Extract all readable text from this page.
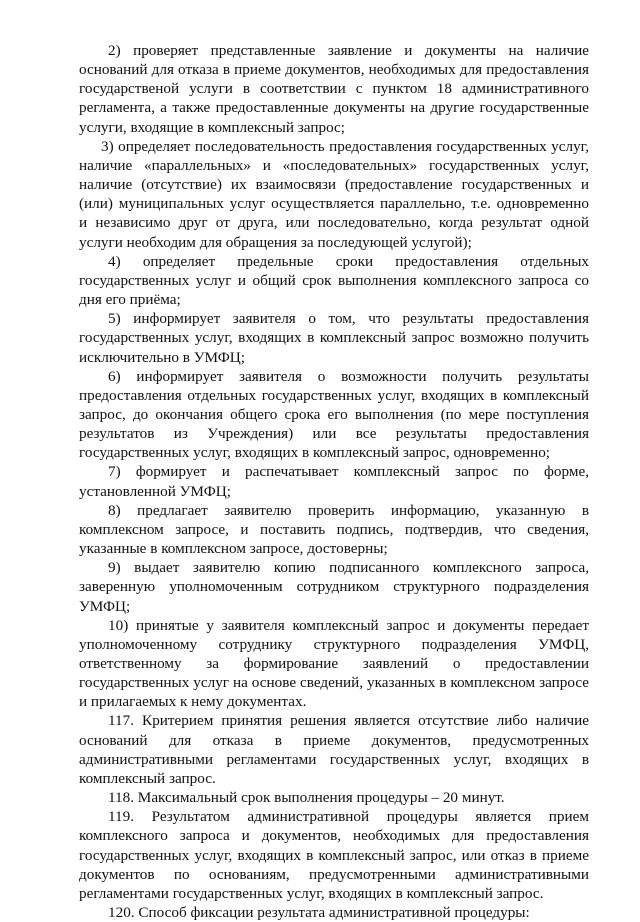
2) проверяет представленные заявление и документы на наличие оснований для отказа в приеме документов, необходимых для предоставления государственой услуги в соответствии с пунктом 18 административного регламента, а также предоставленные документы на другие государственные услуги, входящие в комплексный запрос;

3) определяет последовательность предоставления государственных услуг, наличие «параллельных» и «последовательных» государственных услуг, наличие (отсутствие) их взаимосвязи (предоставление государственных и (или) муниципальных услуг осуществляется параллельно, т.е. одновременно и независимо друг от друга, или последовательно, когда результат одной услуги необходим для обращения за последующей услугой);

4) определяет предельные сроки предоставления отдельных государственных услуг и общий срок выполнения комплексного запроса со дня его приёма;

5) информирует заявителя о том, что результаты предоставления государственных услуг, входящих в комплексный запрос возможно получить исключительно в УМФЦ;

6) информирует заявителя о возможности получить результаты предоставления отдельных государственных услуг, входящих в комплексный запрос, до окончания общего срока его выполнения (по мере поступления результатов из Учреждения) или все результаты предоставления государственных услуг, входящих в комплексный запрос, одновременно;

7) формирует и распечатывает комплексный запрос по форме, установленной УМФЦ;

8) предлагает заявителю проверить информацию, указанную в комплексном запросе, и поставить подпись, подтвердив, что сведения, указанные в комплексном запросе, достоверны;

9) выдает заявителю копию подписанного комплексного запроса, заверенную уполномоченным сотрудником структурного подразделения УМФЦ;

10) принятые у заявителя комплексный запрос и документы передает уполномоченному сотруднику структурного подразделения УМФЦ, ответственному за формирование заявлений о предоставлении государственных услуг на основе сведений, указанных в комплексном запросе и прилагаемых к нему документах.

117. Критерием принятия решения является отсутствие либо наличие оснований для отказа в приеме документов, предусмотренных административными регламентами государственных услуг, входящих в комплексный запрос.

118. Максимальный срок выполнения процедуры – 20 минут.

119. Результатом административной процедуры является прием комплексного запроса и документов, необходимых для предоставления государственных услуг, входящих в комплексный запрос, или отказ в приеме документов по основаниям, предусмотренными административными регламентами государственных услуг, входящих в комплексный запрос.

120. Способ фиксации результата административной процедуры:
